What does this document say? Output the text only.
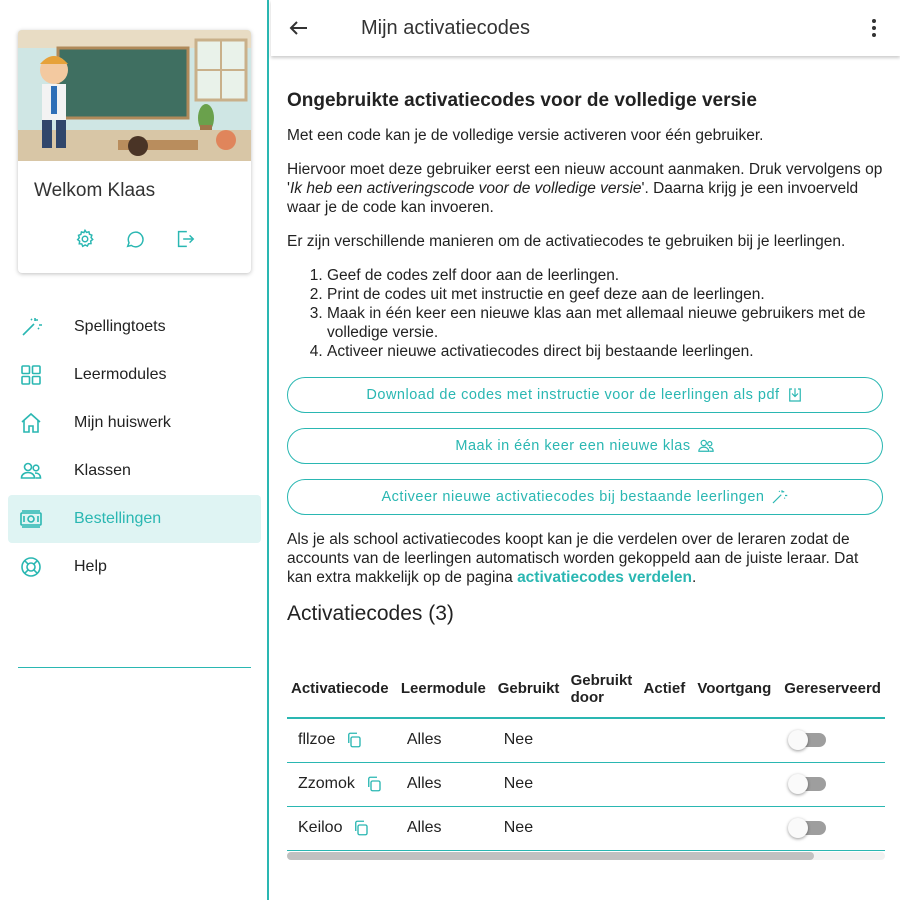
Welkom Klaas
Spellingtoets
Leermodules
Mijn huiswerk
Klassen
Bestellingen
Help
Mijn activatiecodes
Ongebruikte activatiecodes voor de volledige versie

Met een code kan je de volledige versie activeren voor één gebruiker.

Hiervoor moet deze gebruiker eerst een nieuw account aanmaken. Druk vervolgens op 'Ik heb een activeringscode voor de volledige versie'. Daarna krijg je een invoerveld waar je de code kan invoeren.

Er zijn verschillende manieren om de activatiecodes te gebruiken bij je leerlingen.

1. Geef de codes zelf door aan de leerlingen.
2. Print de codes uit met instructie en geef deze aan de leerlingen.
3. Maak in één keer een nieuwe klas aan met allemaal nieuwe gebruikers met de volledige versie.
4. Activeer nieuwe activatiecodes direct bij bestaande leerlingen.
Download de codes met instructie voor de leerlingen als pdf
Maak in één keer een nieuwe klas
Activeer nieuwe activatiecodes bij bestaande leerlingen

Als je als school activatiecodes koopt kan je die verdelen over de leraren zodat de accounts van de leerlingen automatisch worden gekoppeld aan de juiste leraar. Dat kan extra makkelijk op de pagina activatiecodes verdelen.

Activatiecodes (3)
Activatiecode	Leermodule	Gebruikt	Gebruikt door	Actief	Voortgang	Gereserveerd
fllzoe	Alles	Nee				

Zzomok	Alles	Nee				

Keiloo	Alles	Nee				
